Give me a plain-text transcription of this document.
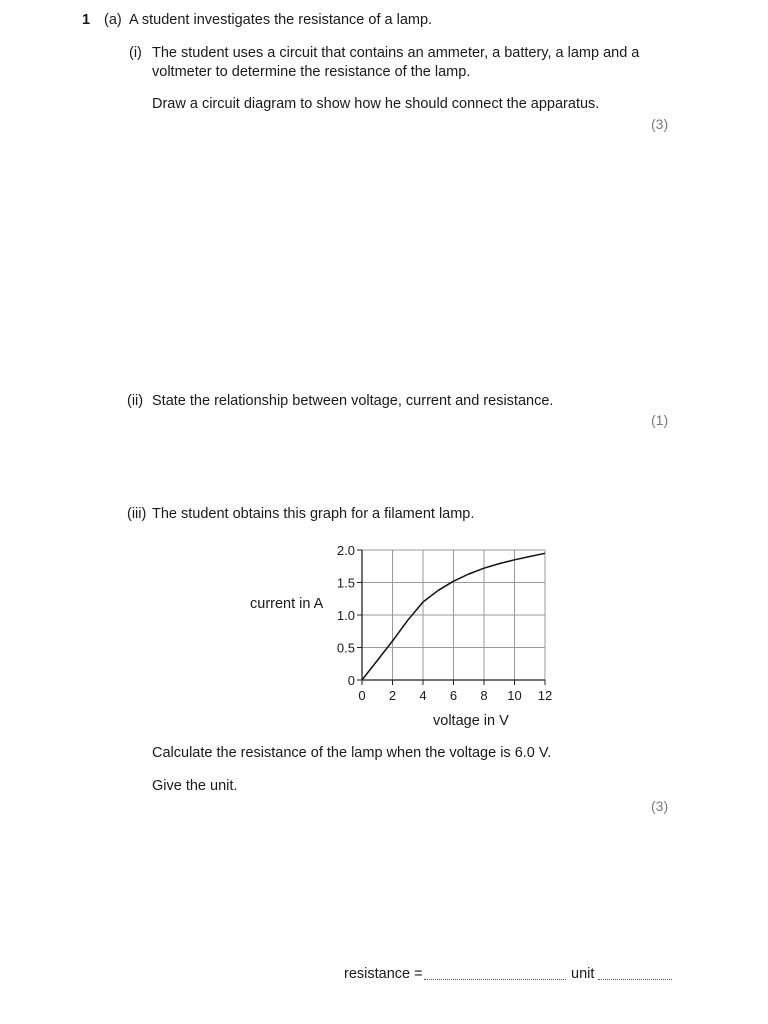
1 (a) A student investigates the resistance of a lamp.
(i) The student uses a circuit that contains an ammeter, a battery, a lamp and a
voltmeter to determine the resistance of the lamp.
Draw a circuit diagram to show how he should connect the apparatus.
(3)
(ii) State the relationship between voltage, current and resistance.
(1)
(iii) The student obtains this graph for a filament lamp.
current in A
0 2 4 6 8 10 12
0
0.5
1.0
1.5
2.0
voltage in V
Calculate the resistance of the lamp when the voltage is 6.0 V.
Give the unit.
(3)
resistance =	unit
